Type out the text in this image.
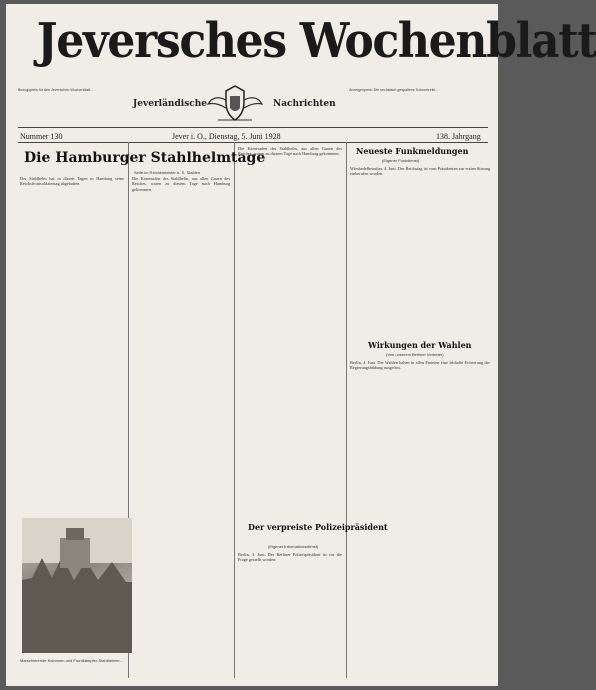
Jeversches Wochenblatt
Bezugspreis für den Jeverschen Wochenblatt...	Anzeigenpreis: Die sechsfach gespaltene Kolonelzeile...
Jeverländische	Nachrichten
Nummer 130	Jever i. O., Dienstag, 5. Juni 1928	138. Jahrgang
Die Hamburger Stahlhelmtage
Seite im Reichsminister A. S. Stablen
Der Stahlhelm hat in diesen Tagen in Hamburg seine Reichsfrontsoldatentag abgehalten.
Die Kameraden des Stahlhelm, aus allen Gauen des Reiches, waren zu diesem Tage nach Hamburg gekommen.
Die Kameraden des Stahlhelm, aus allen Gauen des Reiches, waren zu diesem Tage nach Hamburg gekommen.
Marschierende Kolonnen und Frontkämpfer-Stahlhelmer...
Der verpreiste Polizeipräsident
(Eigener Informationsdienst)
Berlin, 3. Juni. Der Berliner Polizeipräsident ist vor die Frage gestellt worden.
Neueste Funkmeldungen
(Eigener Funkdienst)
Wiesbadelbeaufter, 4. Juni. Der Reichstag ist vom Präsidenten zur ersten Sitzung einberufen worden.
Wirkungen der Wahlen
(Von unserem Berliner Vertreter)
Berlin, 4. Juni. Die Wahlen haben in allen Parteien eine lebhafte Erörterung der Regierungsbildung ausgelöst.
